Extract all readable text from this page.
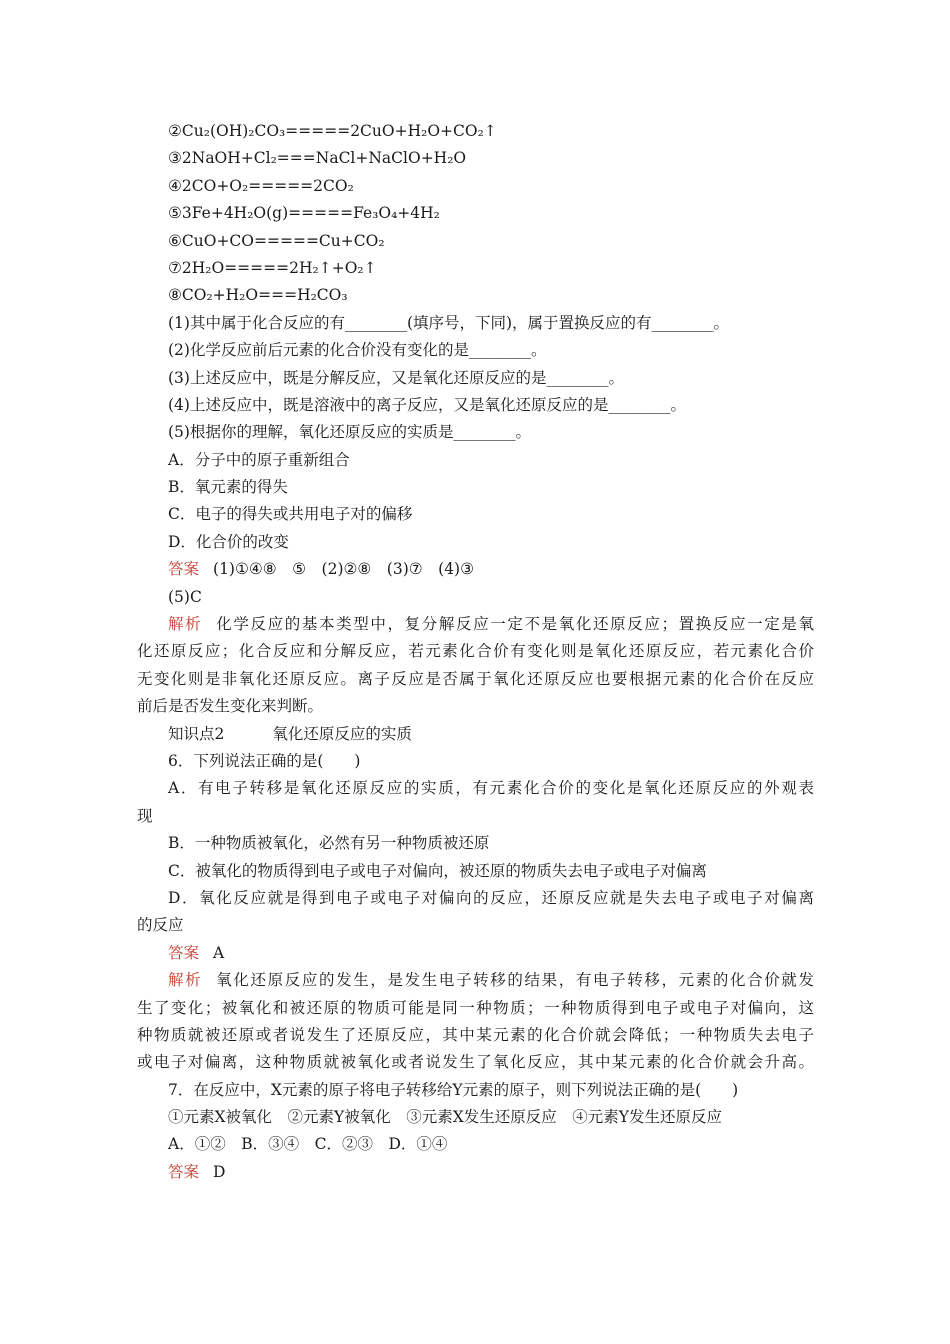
②Cu₂(OH)₂CO₃=====2CuO+H₂O+CO₂↑
③2NaOH+Cl₂===NaCl+NaClO+H₂O
④2CO+O₂=====2CO₂
⑤3Fe+4H₂O(g)=====Fe₃O₄+4H₂
⑥CuO+CO=====Cu+CO₂
⑦2H₂O=====2H₂↑+O₂↑
⑧CO₂+H₂O===H₂CO₃
(1)其中属于化合反应的有________(填序号，下同)，属于置换反应的有________。
(2)化学反应前后元素的化合价没有变化的是________。
(3)上述反应中，既是分解反应，又是氧化还原反应的是________。
(4)上述反应中，既是溶液中的离子反应，又是氧化还原反应的是________。
(5)根据你的理解，氧化还原反应的实质是________。
A．分子中的原子重新组合
B．氧元素的得失
C．电子的得失或共用电子对的偏移
D．化合价的改变
答案 (1)①④⑧　⑤　(2)②⑧　(3)⑦　(4)③
(5)C
解析 化学反应的基本类型中，复分解反应一定不是氧化还原反应；置换反应一定是氧
化还原反应；化合反应和分解反应，若元素化合价有变化则是氧化还原反应，若元素化合价
无变化则是非氧化还原反应。离子反应是否属于氧化还原反应也要根据元素的化合价在反应
前后是否发生变化来判断。
知识点2	氧化还原反应的实质
6．下列说法正确的是(　　)
A．有电子转移是氧化还原反应的实质，有元素化合价的变化是氧化还原反应的外观表
现
B．一种物质被氧化，必然有另一种物质被还原
C．被氧化的物质得到电子或电子对偏向，被还原的物质失去电子或电子对偏离
D．氧化反应就是得到电子或电子对偏向的反应，还原反应就是失去电子或电子对偏离
的反应
答案 A
解析 氧化还原反应的发生，是发生电子转移的结果，有电子转移，元素的化合价就发
生了变化；被氧化和被还原的物质可能是同一种物质；一种物质得到电子或电子对偏向，这
种物质就被还原或者说发生了还原反应，其中某元素的化合价就会降低；一种物质失去电子
或电子对偏离，这种物质就被氧化或者说发生了氧化反应，其中某元素的化合价就会升高。
7．在反应中，X元素的原子将电子转移给Y元素的原子，则下列说法正确的是(　　)
①元素X被氧化　②元素Y被氧化　③元素X发生还原反应　④元素Y发生还原反应
A．①②　B．③④　C．②③　D．①④
答案 D
